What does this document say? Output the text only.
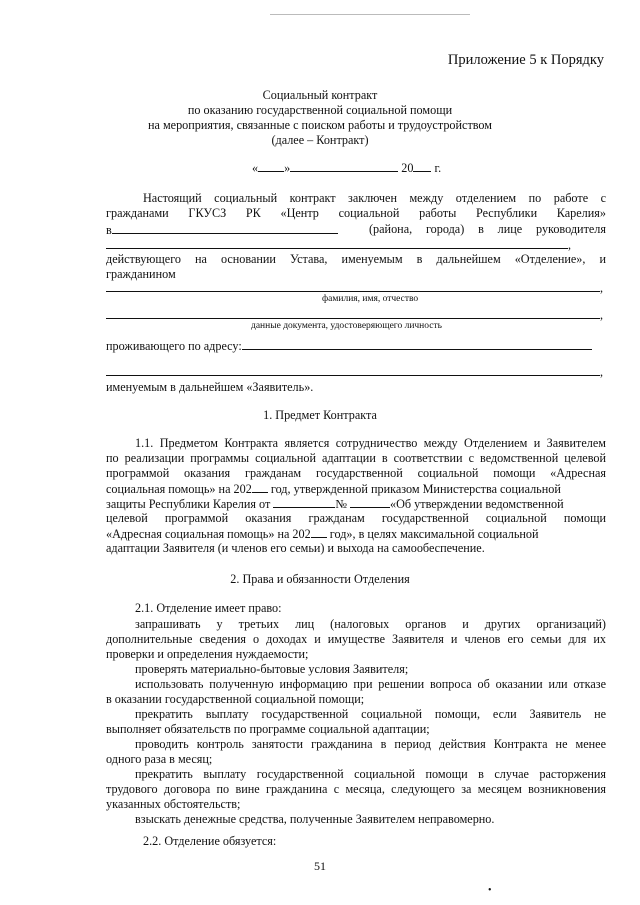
Приложение 5 к Порядку
Социальный контракт
по оказанию государственной социальной помощи
на мероприятия, связанные с поиском работы и трудоустройством
(далее – Контракт)
« »	20 г.
Настоящий социальный контракт заключен между отделением по работе с
гражданами ГКУСЗ РК «Центр социальной работы Республики Карелия»
в	(района, города) в лице руководителя
,
действующего на основании Устава, именуемым в дальнейшем «Отделение», и
гражданином
,
фамилия, имя, отчество
,
данные документа, удостоверяющего личность
проживающего по адресу:
,
именуемым в дальнейшем «Заявитель».
1. Предмет Контракта
1.1. Предметом Контракта является сотрудничество между Отделением и Заявителем
по реализации программы социальной адаптации в соответствии с ведомственной целевой
программой оказания гражданам государственной социальной помощи «Адресная
социальная помощь» на 202 год, утвержденной приказом Министерства социальной
защиты Республики Карелия от	№	«Об утверждении ведомственной
целевой программой оказания гражданам государственной социальной помощи
«Адресная социальная помощь» на 202 год», в целях максимальной социальной
адаптации Заявителя (и членов его семьи) и выхода на самообеспечение.
2. Права и обязанности Отделения
2.1. Отделение имеет право:
запрашивать у третьих лиц (налоговых органов и других организаций)
дополнительные сведения о доходах и имуществе Заявителя и членов его семьи для их
проверки и определения нуждаемости;
проверять материально-бытовые условия Заявителя;
использовать полученную информацию при решении вопроса об оказании или отказе
в оказании государственной социальной помощи;
прекратить выплату государственной социальной помощи, если Заявитель не
выполняет обязательств по программе социальной адаптации;
проводить контроль занятости гражданина в период действия Контракта не менее
одного раза в месяц;
прекратить выплату государственной социальной помощи в случае расторжения
трудового договора по вине гражданина с месяца, следующего за месяцем возникновения
указанных обстоятельств;
взыскать денежные средства, полученные Заявителем неправомерно.
2.2. Отделение обязуется:
51
•
